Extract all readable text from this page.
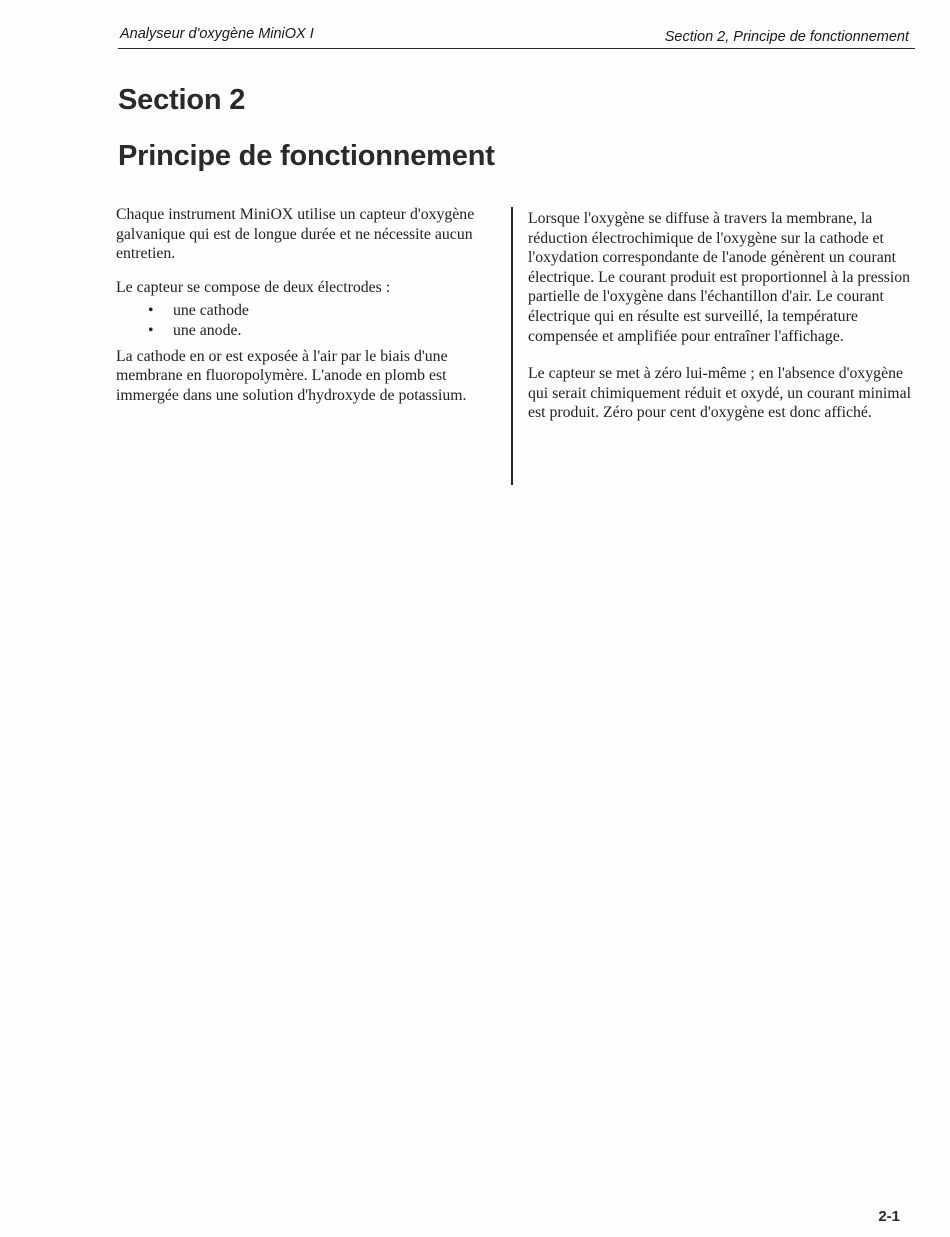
Analyseur d'oxygène MiniOX I	Section 2, Principe de fonctionnement
Section 2
Principe de fonctionnement

Chaque instrument MiniOX utilise un capteur d'oxygène galvanique qui est de longue durée et ne nécessite aucun entretien.

Le capteur se compose de deux électrodes :

• une cathode
• une anode.

La cathode en or est exposée à l'air par le biais d'une membrane en fluoropolymère. L'anode en plomb est immergée dans une solution d'hydroxyde de potassium.

Lorsque l'oxygène se diffuse à travers la membrane, la réduction électrochimique de l'oxygène sur la cathode et l'oxydation correspondante de l'anode génèrent un courant électrique. Le courant produit est proportionnel à la pression partielle de l'oxygène dans l'échantillon d'air. Le courant électrique qui en résulte est surveillé, la température compensée et amplifiée pour entraîner l'affichage.

Le capteur se met à zéro lui-même ; en l'absence d'oxygène qui serait chimiquement réduit et oxydé, un courant minimal est produit. Zéro pour cent d'oxygène est donc affiché.

2-1
